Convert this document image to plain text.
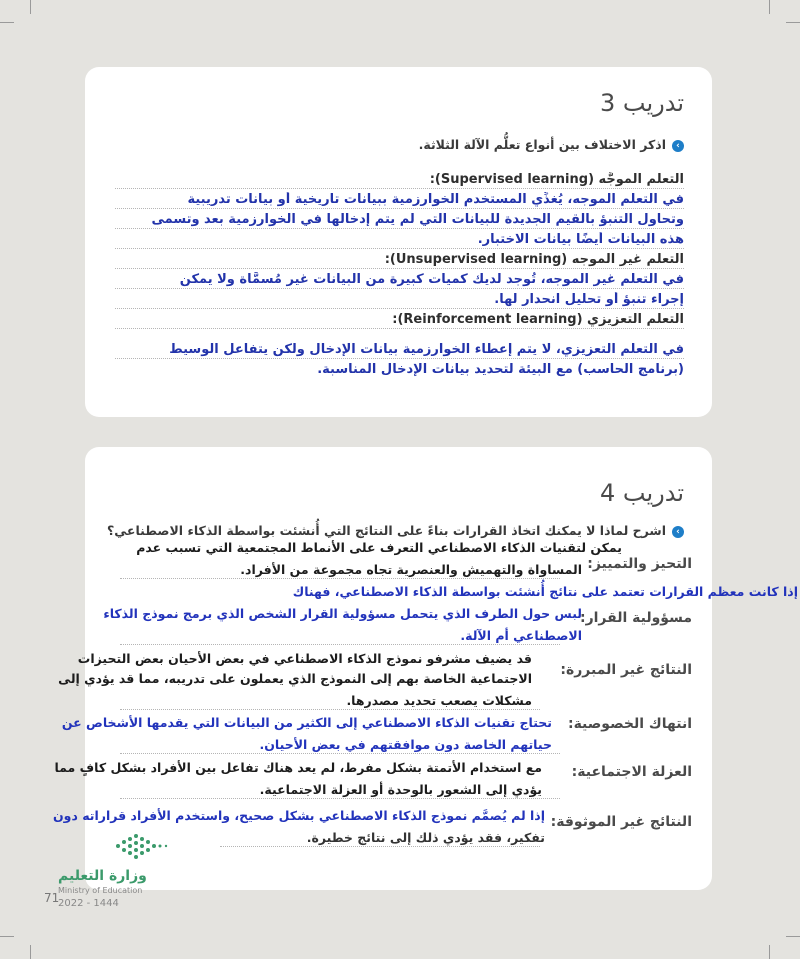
تدريب 3
›اذكر الاختلاف بين أنواع تعلُّم الآلة الثلاثة.
التعلم الموجَّه (Supervised learning):
في التعلم الموجه، يُغذِّي المستخدم الخوارزمية ببيانات تاريخية أو بيانات تدريبية
وتحاول التنبؤ بالقيم الجديدة للبيانات التي لم يتم إدخالها في الخوارزمية بعد وتسمى
هذه البيانات أيضًا بيانات الاختبار.
التعلم غير الموجه (Unsupervised learning):
في التعلم غير الموجه، تُوجد لديك كميات كبيرة من البيانات غير مُسمَّاة ولا يمكن
إجراء تنبؤ أو تحليل انحدار لها.
التعلم التعزيزي (Reinforcement learning):
في التعلم التعزيزي، لا يتم إعطاء الخوارزمية بيانات الإدخال ولكن يتفاعل الوسيط
(برنامج الحاسب) مع البيئة لتحديد بيانات الإدخال المناسبة.
تدريب 4
›اشرح لماذا لا يمكنك اتخاذ القرارات بناءً على النتائج التي أُنشئت بواسطة الذكاء الاصطناعي؟
التحيز والتمييز:
يمكن لتقنيات الذكاء الاصطناعي التعرف على الأنماط المجتمعية التي تسبب عدم
المساواة والتهميش والعنصرية تجاه مجموعة من الأفراد.
مسؤولية القرار:
إذا كانت معظم القرارات تعتمد على نتائج أُنشئت بواسطة الذكاء الاصطناعي، فهناك
لبس حول الطرف الذي يتحمل مسؤولية القرار الشخص الذي برمج نموذج الذكاء
الاصطناعي أم الآلة.
النتائج غير المبررة:
قد يضيف مشرفو نموذج الذكاء الاصطناعي في بعض الأحيان بعض التحيزات
الاجتماعية الخاصة بهم إلى النموذج الذي يعملون على تدريبه، مما قد يؤدي إلى
مشكلات يصعب تحديد مصدرها.
انتهاك الخصوصية:
تحتاج تقنيات الذكاء الاصطناعي إلى الكثير من البيانات التي يقدمها الأشخاص عن
حياتهم الخاصة دون موافقتهم في بعض الأحيان.
العزلة الاجتماعية:
مع استخدام الأتمتة بشكل مفرط، لم يعد هناك تفاعل بين الأفراد بشكل كافٍ مما
يؤدي إلى الشعور بالوحدة أو العزلة الاجتماعية.
النتائج غير الموثوقة:
إذا لم يُصمَّم نموذج الذكاء الاصطناعي بشكل صحيح، واستخدم الأفراد قراراته دون
تفكير، فقد يؤدي ذلك إلى نتائج خطيرة.
وزارة التعليم
Ministry of Education
71
2022 - 1444
